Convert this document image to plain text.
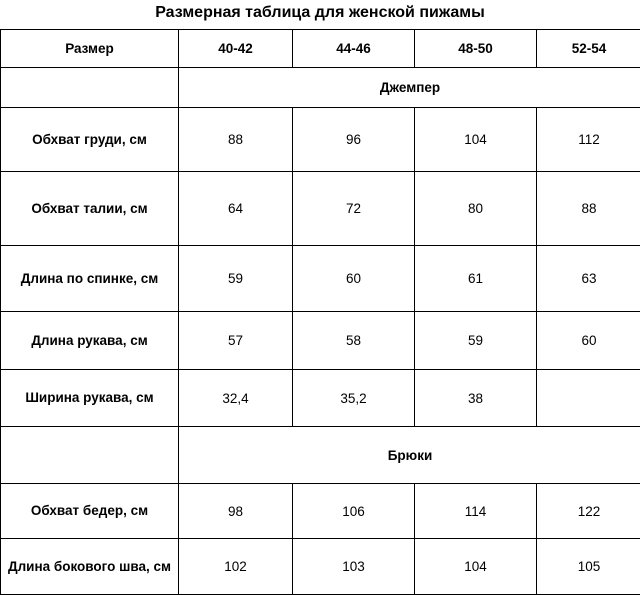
Размерная таблица для женской пижамы
Размер	40-42	44-46	48-50	52-54
	Джемпер			
Обхват груди, см	88	96	104	112
Обхват талии, см	64	72	80	88
Длина по спинке, см	59	60	61	63
Длина рукава, см	57	58	59	60
Ширина рукава, см	32,4	35,2	38	
	Брюки			
Обхват бедер, см	98	106	114	122
Длина бокового шва, см	102	103	104	105
